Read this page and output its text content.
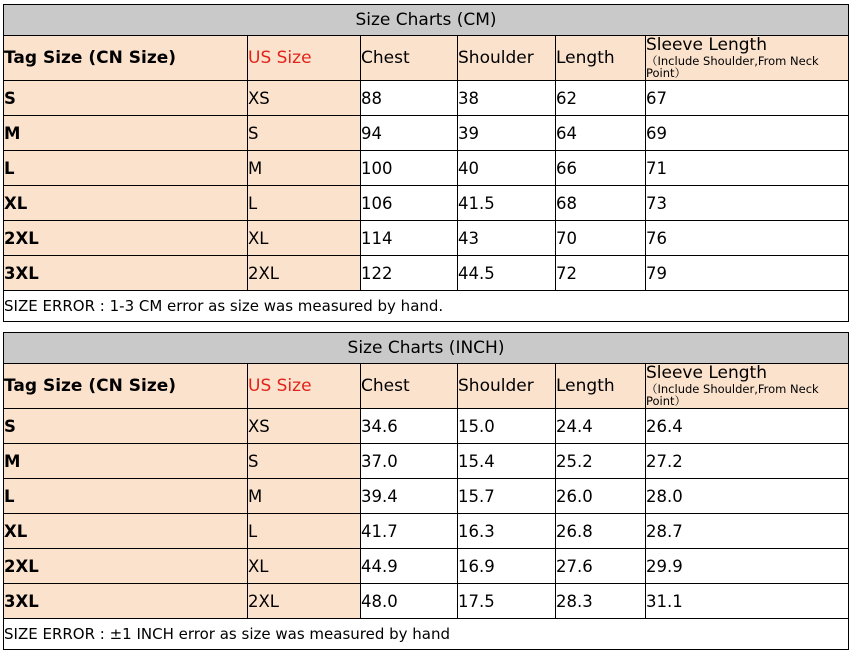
Size Charts (CM)					
Tag Size (CN Size)	US Size	Chest	Shoulder	Length	Sleeve Length
（Include Shoulder,From Neck Point）

S	XS	88	38	62	67
M	S	94	39	64	69
L	M	100	40	66	71
XL	L	106	41.5	68	73
2XL	XL	114	43	70	76
3XL	2XL	122	44.5	72	79
SIZE ERROR : 1-3 CM error as size was measured by hand.					
Size Charts (INCH)					
Tag Size (CN Size)	US Size	Chest	Shoulder	Length	Sleeve Length
（Include Shoulder,From Neck Point）

S	XS	34.6	15.0	24.4	26.4
M	S	37.0	15.4	25.2	27.2
L	M	39.4	15.7	26.0	28.0
XL	L	41.7	16.3	26.8	28.7
2XL	XL	44.9	16.9	27.6	29.9
3XL	2XL	48.0	17.5	28.3	31.1
SIZE ERROR : ±1 INCH error as size was measured by hand					
